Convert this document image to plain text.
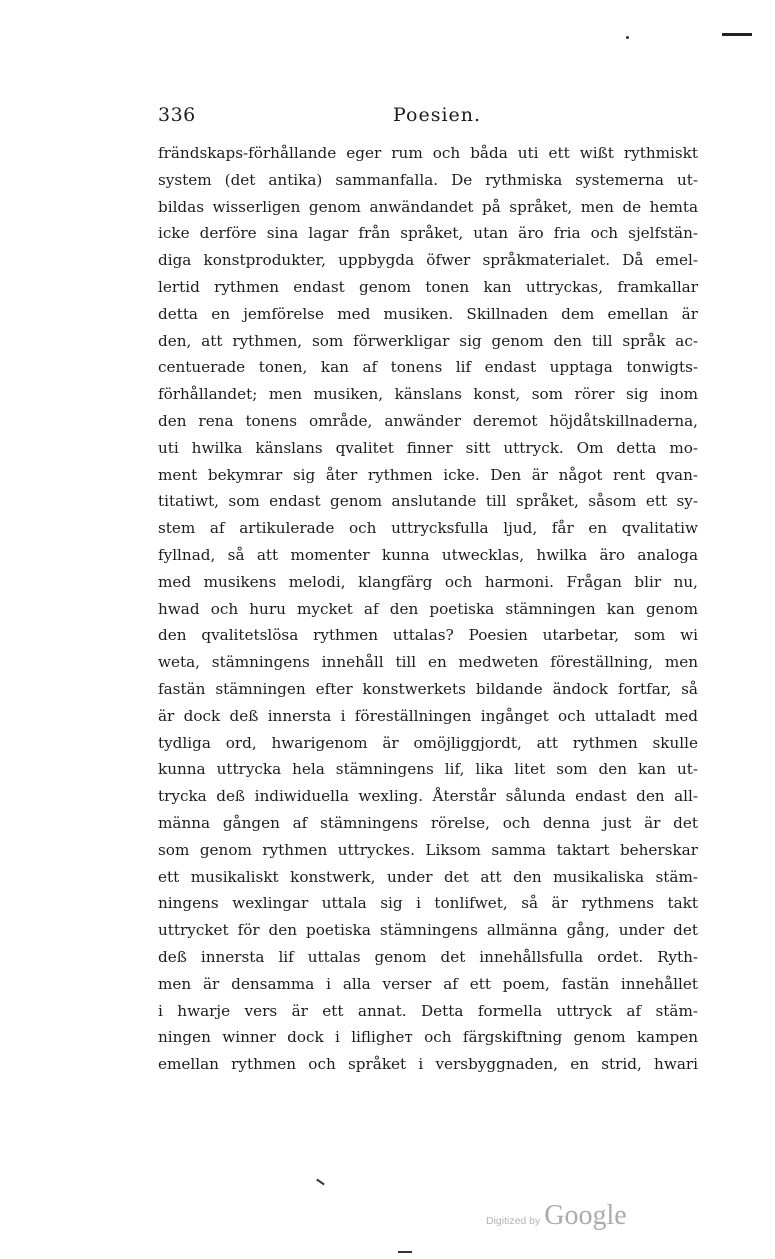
336	Poesien.
frändskaps-förhållande eger rum och båda uti ett wißt rythmiskt
system (det antika) sammanfalla. De rythmiska systemerna ut-
bildas wisserligen genom anwändandet på språket, men de hemta
icke derföre sina lagar från språket, utan äro fria och sjelfstän-
diga konstprodukter, uppbygda öfwer språkmaterialet. Då emel-
lertid rythmen endast genom tonen kan uttryckas, framkallar
detta en jemförelse med musiken. Skillnaden dem emellan är
den, att rythmen, som förwerkligar sig genom den till språk ac-
centuerade tonen, kan af tonens lif endast upptaga tonwigts-
förhållandet; men musiken, känslans konst, som rörer sig inom
den rena tonens område, anwänder deremot höjdåtskillnaderna,
uti hwilka känslans qvalitet finner sitt uttryck. Om detta mo-
ment bekymrar sig åter rythmen icke. Den är något rent qvan-
titatiwt, som endast genom anslutande till språket, såsom ett sy-
stem af artikulerade och uttrycksfulla ljud, får en qvalitatiw
fyllnad, så att momenter kunna utwecklas, hwilka äro analoga
med musikens melodi, klangfärg och harmoni. Frågan blir nu,
hwad och huru mycket af den poetiska stämningen kan genom
den qvalitetslösa rythmen uttalas? Poesien utarbetar, som wi
weta, stämningens innehåll till en medweten föreställning, men
fastän stämningen efter konstwerkets bildande ändock fortfar, så
är dock deß innersta i föreställningen ingånget och uttaladt med
tydliga ord, hwarigenom är omöjliggjordt, att rythmen skulle
kunna uttrycka hela stämningens lif, lika litet som den kan ut-
trycka deß indiwiduella wexling. Återstår sålunda endast den all-
männa gången af stämningens rörelse, och denna just är det
som genom rythmen uttryckes. Liksom samma taktart beherskar
ett musikaliskt konstwerk, under det att den musikaliska stäm-
ningens wexlingar uttala sig i tonlifwet, så är rythmens takt
uttrycket för den poetiska stämningens allmänna gång, under det
deß innersta lif uttalas genom det innehållsfulla ordet. Ryth-
men är densamma i alla verser af ett poem, fastän innehållet
i hwarje vers är ett annat. Detta formella uttryck af stäm-
ningen winner dock i lifligheт och färgskiftning genom kampen
emellan rythmen och språket i versbyggnaden, en strid, hwari
Digitized by Google
